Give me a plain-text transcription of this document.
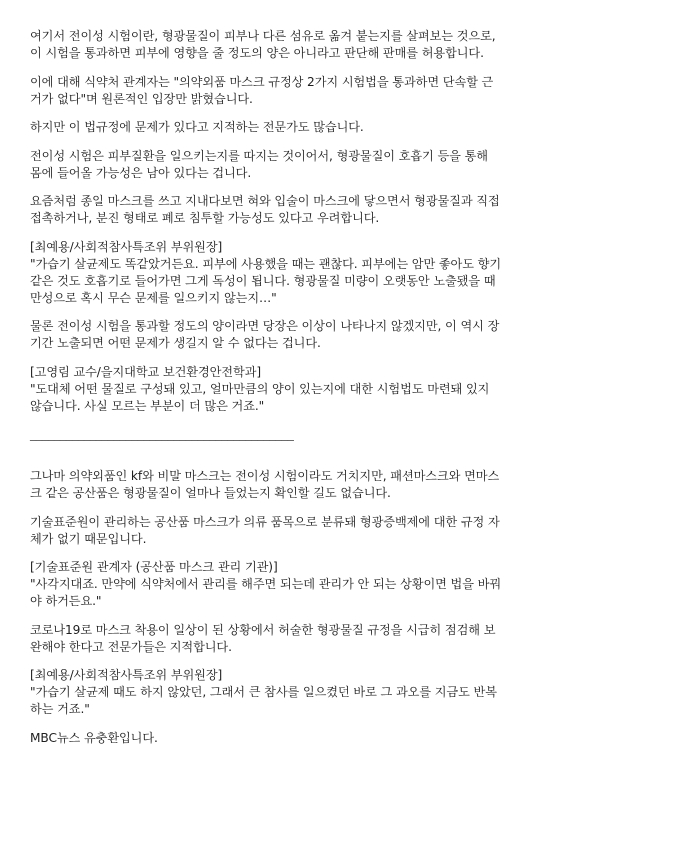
여기서 전이성 시험이란, 형광물질이 피부나 다른 섬유로 옮겨 붙는지를 살펴보는 것으로,
이 시험을 통과하면 피부에 영향을 줄 정도의 양은 아니라고 판단해 판매를 허용합니다.

이에 대해 식약처 관계자는 "의약외품 마스크 규정상 2가지 시험법을 통과하면 단속할 근
거가 없다"며 원론적인 입장만 밝혔습니다.

하지만 이 법규정에 문제가 있다고 지적하는 전문가도 많습니다.

전이성 시험은 피부질환을 일으키는지를 따지는 것이어서, 형광물질이 호흡기 등을 통해
몸에 들어올 가능성은 남아 있다는 겁니다.

요즘처럼 종일 마스크를 쓰고 지내다보면 혀와 입술이 마스크에 닿으면서 형광물질과 직접
접촉하거나, 분진 형태로 폐로 침투할 가능성도 있다고 우려합니다.

[최예용/사회적참사특조위 부위원장]
"가습기 살균제도 똑같았거든요. 피부에 사용했을 때는 괜찮다. 피부에는 암만 좋아도 향기
같은 것도 호흡기로 들어가면 그게 독성이 됩니다. 형광물질 미량이 오랫동안 노출됐을 때
만성으로 혹시 무슨 문제를 일으키지 않는지…"

물론 전이성 시험을 통과할 정도의 양이라면 당장은 이상이 나타나지 않겠지만, 이 역시 장
기간 노출되면 어떤 문제가 생길지 알 수 없다는 겁니다.

[고영림 교수/을지대학교 보건환경안전학과]
"도대체 어떤 물질로 구성돼 있고, 얼마만큼의 양이 있는지에 대한 시험법도 마련돼 있지
않습니다. 사실 모르는 부분이 더 많은 거죠."

____________________________________________

그나마 의약외품인 kf와 비말 마스크는 전이성 시험이라도 거치지만, 패션마스크와 면마스
크 같은 공산품은 형광물질이 얼마나 들었는지 확인할 길도 없습니다.

기술표준원이 관리하는 공산품 마스크가 의류 품목으로 분류돼 형광증백제에 대한 규정 자
체가 없기 때문입니다.

[기술표준원 관계자 (공산품 마스크 관리 기관)]
"사각지대죠. 만약에 식약처에서 관리를 해주면 되는데 관리가 안 되는 상황이면 법을 바꿔
야 하거든요."

코로나19로 마스크 착용이 일상이 된 상황에서 허술한 형광물질 규정을 시급히 점검해 보
완해야 한다고 전문가들은 지적합니다.

[최예용/사회적참사특조위 부위원장]
"가습기 살균제 때도 하지 않았던, 그래서 큰 참사를 일으켰던 바로 그 과오를 지금도 반복
하는 거죠."

MBC뉴스 유충환입니다.
